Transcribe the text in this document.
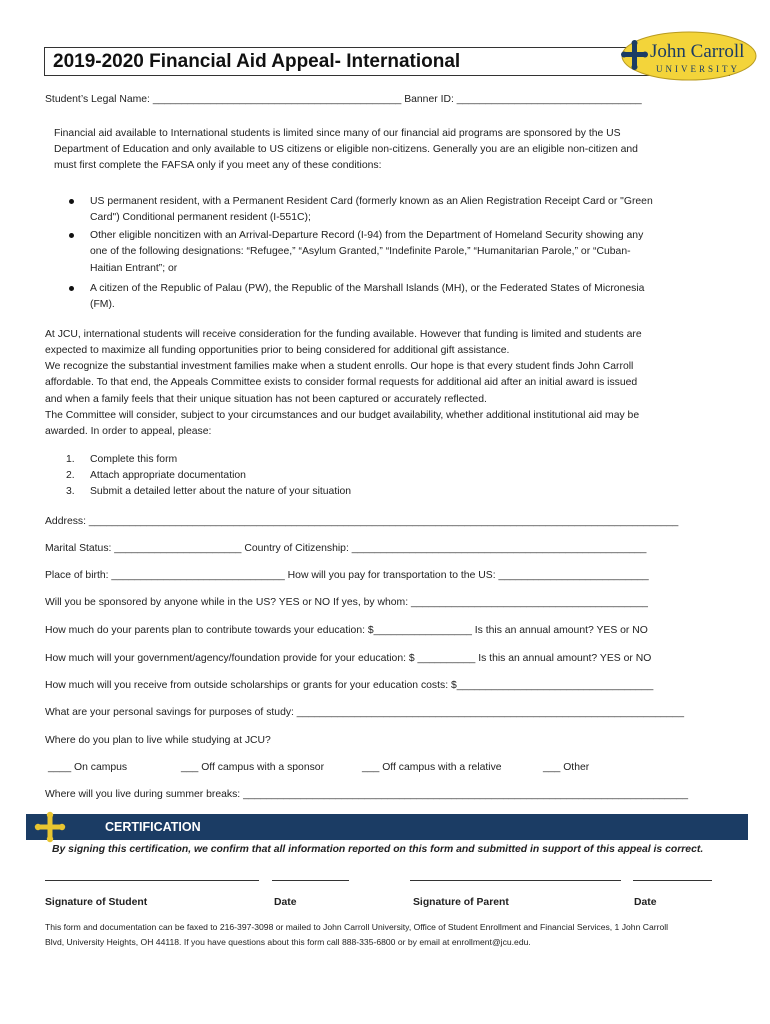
2019-2020 Financial Aid Appeal- International	John Carroll
UNIVERSITY
Student’s Legal Name: ___________________________________________ Banner ID: ________________________________
Financial aid available to International students is limited since many of our financial aid programs are sponsored by the US
Department of Education and only available to US citizens or eligible non-citizens. Generally you are an eligible non-citizen and
must first complete the FAFSA only if you meet any of these conditions:
US permanent resident, with a Permanent Resident Card (formerly known as an Alien Registration Receipt Card or "Green
Card") Conditional permanent resident (I-551C);
Other eligible noncitizen with an Arrival-Departure Record (I-94) from the Department of Homeland Security showing any
one of the following designations: “Refugee,” “Asylum Granted,” “Indefinite Parole,” “Humanitarian Parole,” or “Cuban-
Haitian Entrant”; or
A citizen of the Republic of Palau (PW), the Republic of the Marshall Islands (MH), or the Federated States of Micronesia
(FM).
At JCU, international students will receive consideration for the funding available. However that funding is limited and students are
expected to maximize all funding opportunities prior to being considered for additional gift assistance.
We recognize the substantial investment families make when a student enrolls. Our hope is that every student finds John Carroll
affordable. To that end, the Appeals Committee exists to consider formal requests for additional aid after an initial award is issued
and when a family feels that their unique situation has not been captured or accurately reflected.
The Committee will consider, subject to your circumstances and our budget availability, whether additional institutional aid may be
awarded. In order to appeal, please:
1.	Complete this form
2.	Attach appropriate documentation
3.	Submit a detailed letter about the nature of your situation
Address: ______________________________________________________________________________________________________
Marital Status: ______________________ Country of Citizenship: ___________________________________________________
Place of birth: ______________________________ How will you pay for transportation to the US: __________________________
Will you be sponsored by anyone while in the US? YES or NO If yes, by whom: _________________________________________
How much do your parents plan to contribute towards your education: $_________________ Is this an annual amount? YES or NO
How much will your government/agency/foundation provide for your education: $ __________ Is this an annual amount? YES or NO
How much will you receive from outside scholarships or grants for your education costs: $__________________________________
What are your personal savings for purposes of study: ___________________________________________________________________
Where do you plan to live while studying at JCU?
____ On campus	___ Off campus with a sponsor	___ Off campus with a relative	___ Other
Where will you live during summer breaks: _____________________________________________________________________________
CERTIFICATION
By signing this certification, we confirm that all information reported on this form and submitted in support of this appeal is correct.
Signature of Student	Date	Signature of Parent	Date
This form and documentation can be faxed to 216-397-3098 or mailed to John Carroll University, Office of Student Enrollment and Financial Services, 1 John Carroll
Blvd, University Heights, OH 44118. If you have questions about this form call 888-335-6800 or by email at enrollment@jcu.edu.
